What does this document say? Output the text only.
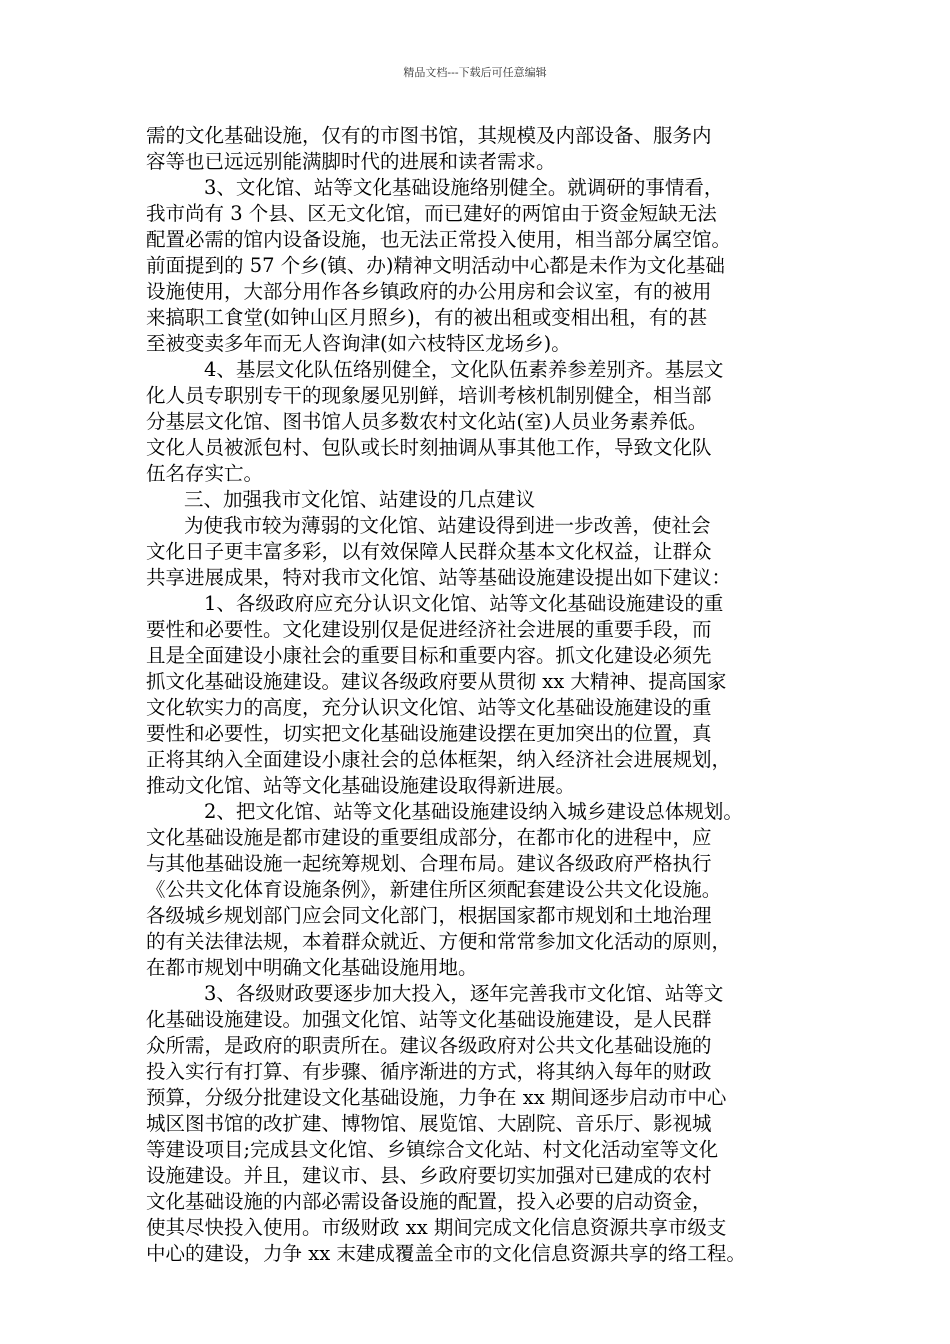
精品文档---下载后可任意编辑
需的文化基础设施，仅有的市图书馆，其规模及内部设备、服务内
容等也已远远别能满脚时代的进展和读者需求。
3、文化馆、站等文化基础设施络别健全。就调研的事情看，
我市尚有 3 个县、区无文化馆，而已建好的两馆由于资金短缺无法
配置必需的馆内设备设施，也无法正常投入使用，相当部分属空馆。
前面提到的 57 个乡(镇、办)精神文明活动中心都是未作为文化基础
设施使用，大部分用作各乡镇政府的办公用房和会议室，有的被用
来搞职工食堂(如钟山区月照乡)，有的被出租或变相出租，有的甚
至被变卖多年而无人咨询津(如六枝特区龙场乡)。
4、基层文化队伍络别健全，文化队伍素养参差别齐。基层文
化人员专职别专干的现象屡见别鲜，培训考核机制别健全，相当部
分基层文化馆、图书馆人员多数农村文化站(室)人员业务素养低。
文化人员被派包村、包队或长时刻抽调从事其他工作，导致文化队
伍名存实亡。
三、加强我市文化馆、站建设的几点建议
为使我市较为薄弱的文化馆、站建设得到进一步改善，使社会
文化日子更丰富多彩，以有效保障人民群众基本文化权益，让群众
共享进展成果，特对我市文化馆、站等基础设施建设提出如下建议：
1、各级政府应充分认识文化馆、站等文化基础设施建设的重
要性和必要性。文化建设别仅是促进经济社会进展的重要手段，而
且是全面建设小康社会的重要目标和重要内容。抓文化建设必须先
抓文化基础设施建设。建议各级政府要从贯彻 xx 大精神、提高国家
文化软实力的高度，充分认识文化馆、站等文化基础设施建设的重
要性和必要性，切实把文化基础设施建设摆在更加突出的位置，真
正将其纳入全面建设小康社会的总体框架，纳入经济社会进展规划，
推动文化馆、站等文化基础设施建设取得新进展。
2、把文化馆、站等文化基础设施建设纳入城乡建设总体规划。
文化基础设施是都市建设的重要组成部分，在都市化的进程中，应
与其他基础设施一起统筹规划、合理布局。建议各级政府严格执行
《公共文化体育设施条例》，新建住所区须配套建设公共文化设施。
各级城乡规划部门应会同文化部门，根据国家都市规划和土地治理
的有关法律法规，本着群众就近、方便和常常参加文化活动的原则，
在都市规划中明确文化基础设施用地。
3、各级财政要逐步加大投入，逐年完善我市文化馆、站等文
化基础设施建设。加强文化馆、站等文化基础设施建设，是人民群
众所需，是政府的职责所在。建议各级政府对公共文化基础设施的
投入实行有打算、有步骤、循序渐进的方式，将其纳入每年的财政
预算，分级分批建设文化基础设施，力争在 xx 期间逐步启动市中心
城区图书馆的改扩建、博物馆、展览馆、大剧院、音乐厅、影视城
等建设项目;完成县文化馆、乡镇综合文化站、村文化活动室等文化
设施建设。并且，建议市、县、乡政府要切实加强对已建成的农村
文化基础设施的内部必需设备设施的配置，投入必要的启动资金，
使其尽快投入使用。市级财政 xx 期间完成文化信息资源共享市级支
中心的建设，力争 xx 末建成覆盖全市的文化信息资源共享的络工程。
